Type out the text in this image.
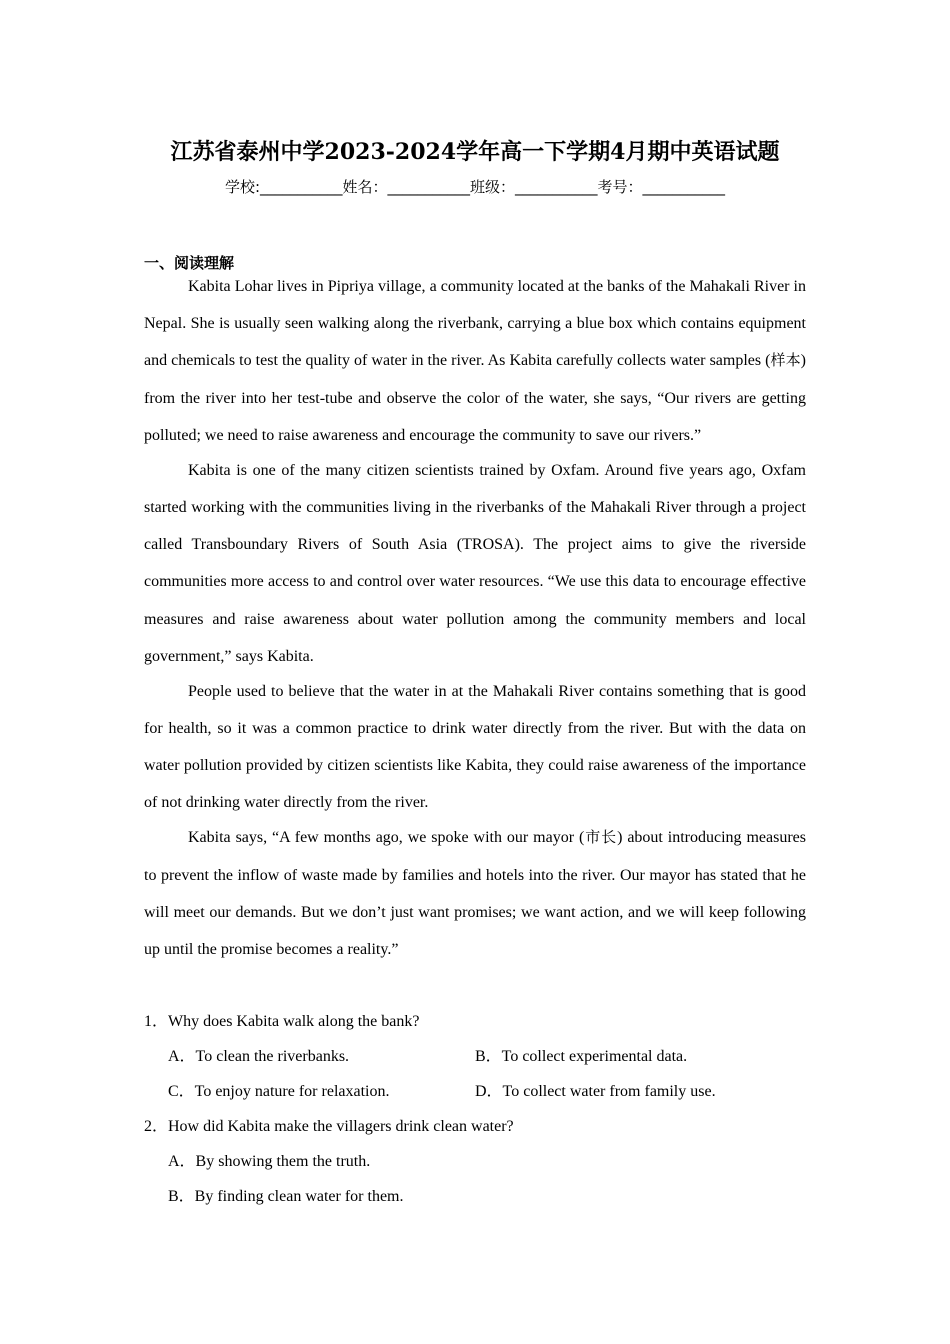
江苏省泰州中学2023-2024学年高一下学期4月期中英语试题
学校:___________姓名：___________班级：___________考号：___________
一、阅读理解

Kabita Lohar lives in Pipriya village, a community located at the banks of the Mahakali River in Nepal. She is usually seen walking along the riverbank, carrying a blue box which contains equipment and chemicals to test the quality of water in the river. As Kabita carefully collects water samples (样本) from the river into her test-tube and observe the color of the water, she says, “Our rivers are getting polluted; we need to raise awareness and encourage the community to save our rivers.”

Kabita is one of the many citizen scientists trained by Oxfam. Around five years ago, Oxfam started working with the communities living in the riverbanks of the Mahakali River through a project called Transboundary Rivers of South Asia (TROSA). The project aims to give the riverside communities more access to and control over water resources. “We use this data to encourage effective measures and raise awareness about water pollution among the community members and local government,” says Kabita.

People used to believe that the water in at the Mahakali River contains something that is good for health, so it was a common practice to drink water directly from the river. But with the data on water pollution provided by citizen scientists like Kabita, they could raise awareness of the importance of not drinking water directly from the river.

Kabita says, “A few months ago, we spoke with our mayor (市长) about introducing measures to prevent the inflow of waste made by families and hotels into the river. Our mayor has stated that he will meet our demands. But we don’t just want promises; we want action, and we will keep following up until the promise becomes a reality.”

1．Why does Kabita walk along the bank?
A．To clean the riverbanks.	B．To collect experimental data.
C．To enjoy nature for relaxation.	D．To collect water from family use.
2．How did Kabita make the villagers drink clean water?
A．By showing them the truth.
B．By finding clean water for them.
